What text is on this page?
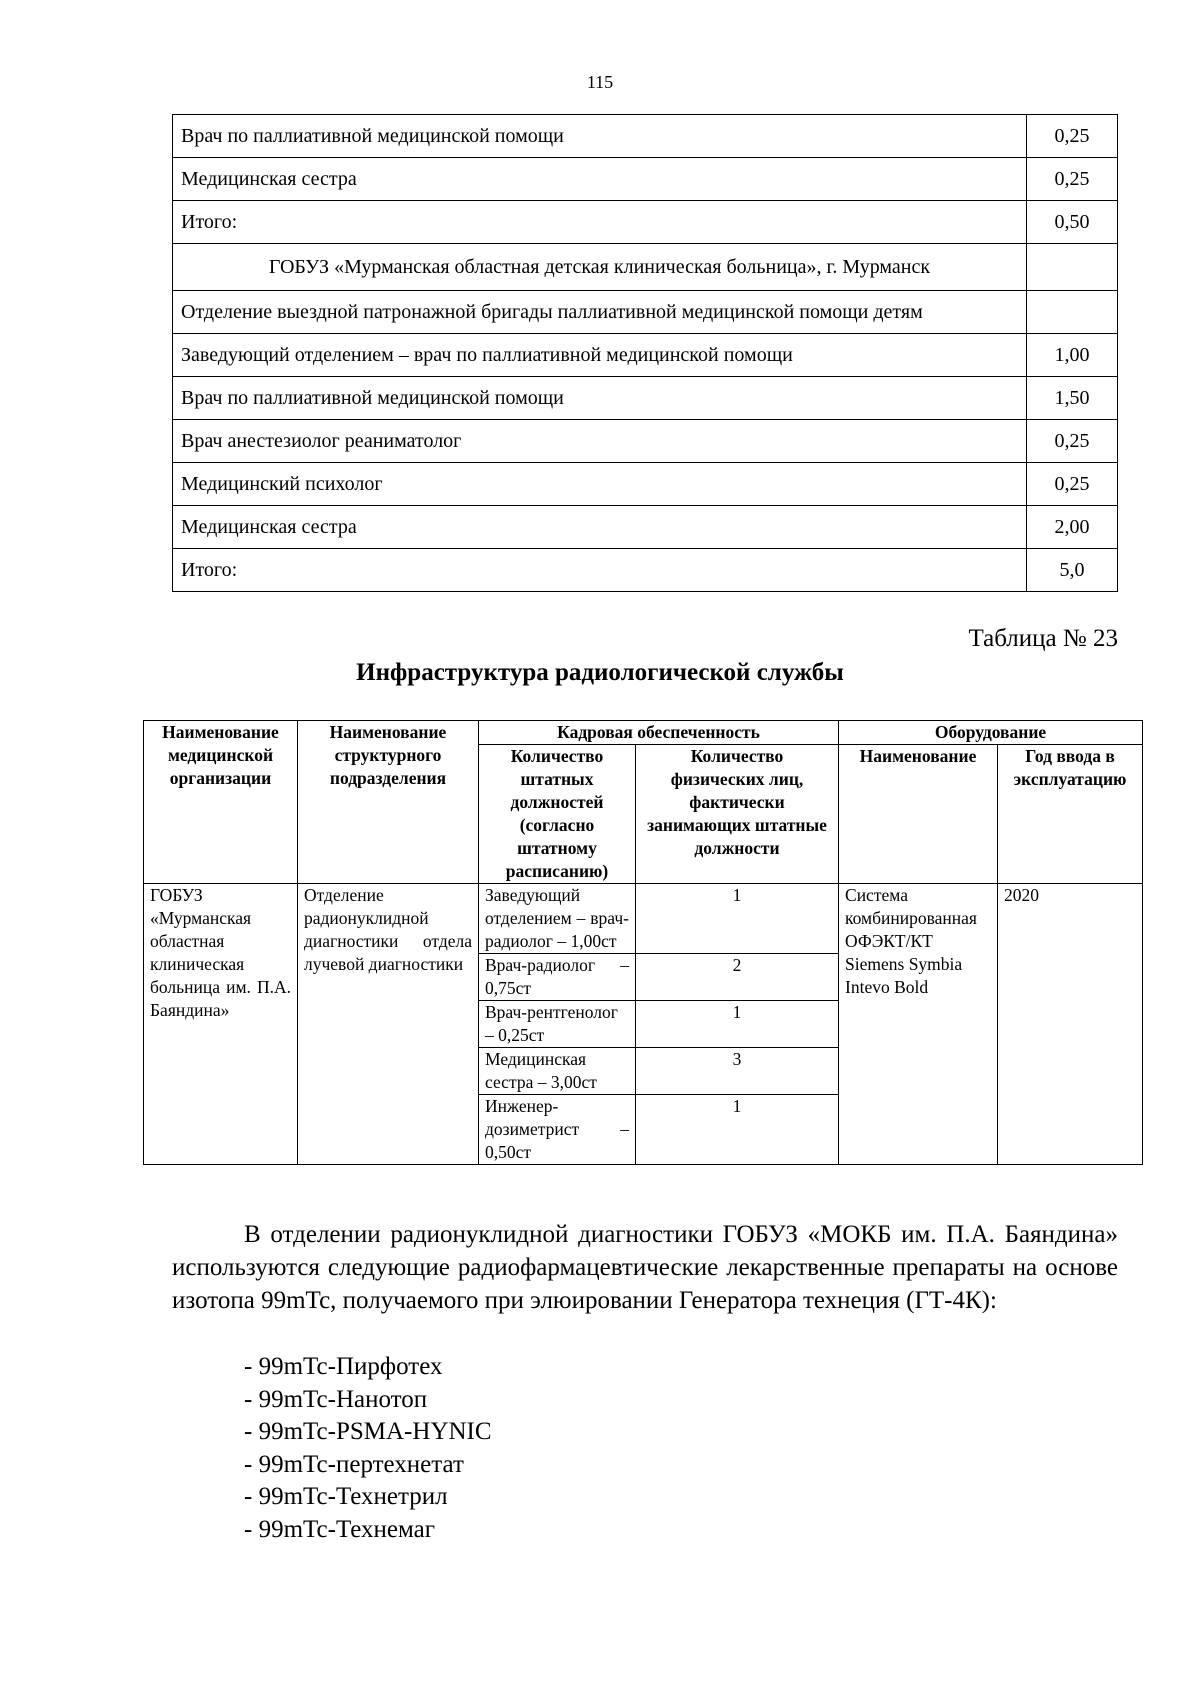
115
Врач по паллиативной медицинской помощи	0,25
Медицинская сестра	0,25
Итого:	0,50
ГОБУЗ «Мурманская областная детская клиническая больница», г. Мурманск	
Отделение выездной патронажной бригады паллиативной медицинской помощи детям	
Заведующий отделением – врач по паллиативной медицинской помощи	1,00
Врач по паллиативной медицинской помощи	1,50
Врач анестезиолог реаниматолог	0,25
Медицинский психолог	0,25
Медицинская сестра	2,00
Итого:	5,0
Таблица № 23
Инфраструктура радиологической службы
Наименование медицинской организации	Наименование структурного подразделения	Кадровая обеспеченность		Оборудование	
		Количество штатных должностей (согласно штатному расписанию)	Количество физических лиц, фактически занимающих штатные должности	Наименование	Год ввода в эксплуатацию
ГОБУЗ «Мурманская областная клиническая больница им. П.А. Баяндина»	Отделение радионуклидной диагностики отдела лучевой диагностики	Заведующий отделением – врач-радиолог – 1,00ст	1	Система комбинированная ОФЭКТ/КТ Siemens Symbia Intevo Bold	2020
		Врач-радиолог – 0,75ст	2		
		Врач-рентгенолог – 0,25ст	1		
		Медицинская сестра – 3,00ст	3		
		Инженер-дозиметрист – 0,50ст	1		
В отделении радионуклидной диагностики ГОБУЗ «МОКБ им. П.А. Баяндина» используются следующие радиофармацевтические лекарственные препараты на основе изотопа 99mTc, получаемого при элюировании Генератора технеция (ГТ-4К):
- 99mTc-Пирфотех
- 99mTc-Нанотоп
- 99mTc-PSMA-HYNIC
- 99mTc-пертехнетат
- 99mTc-Технетрил
- 99mTc-Технемаг
